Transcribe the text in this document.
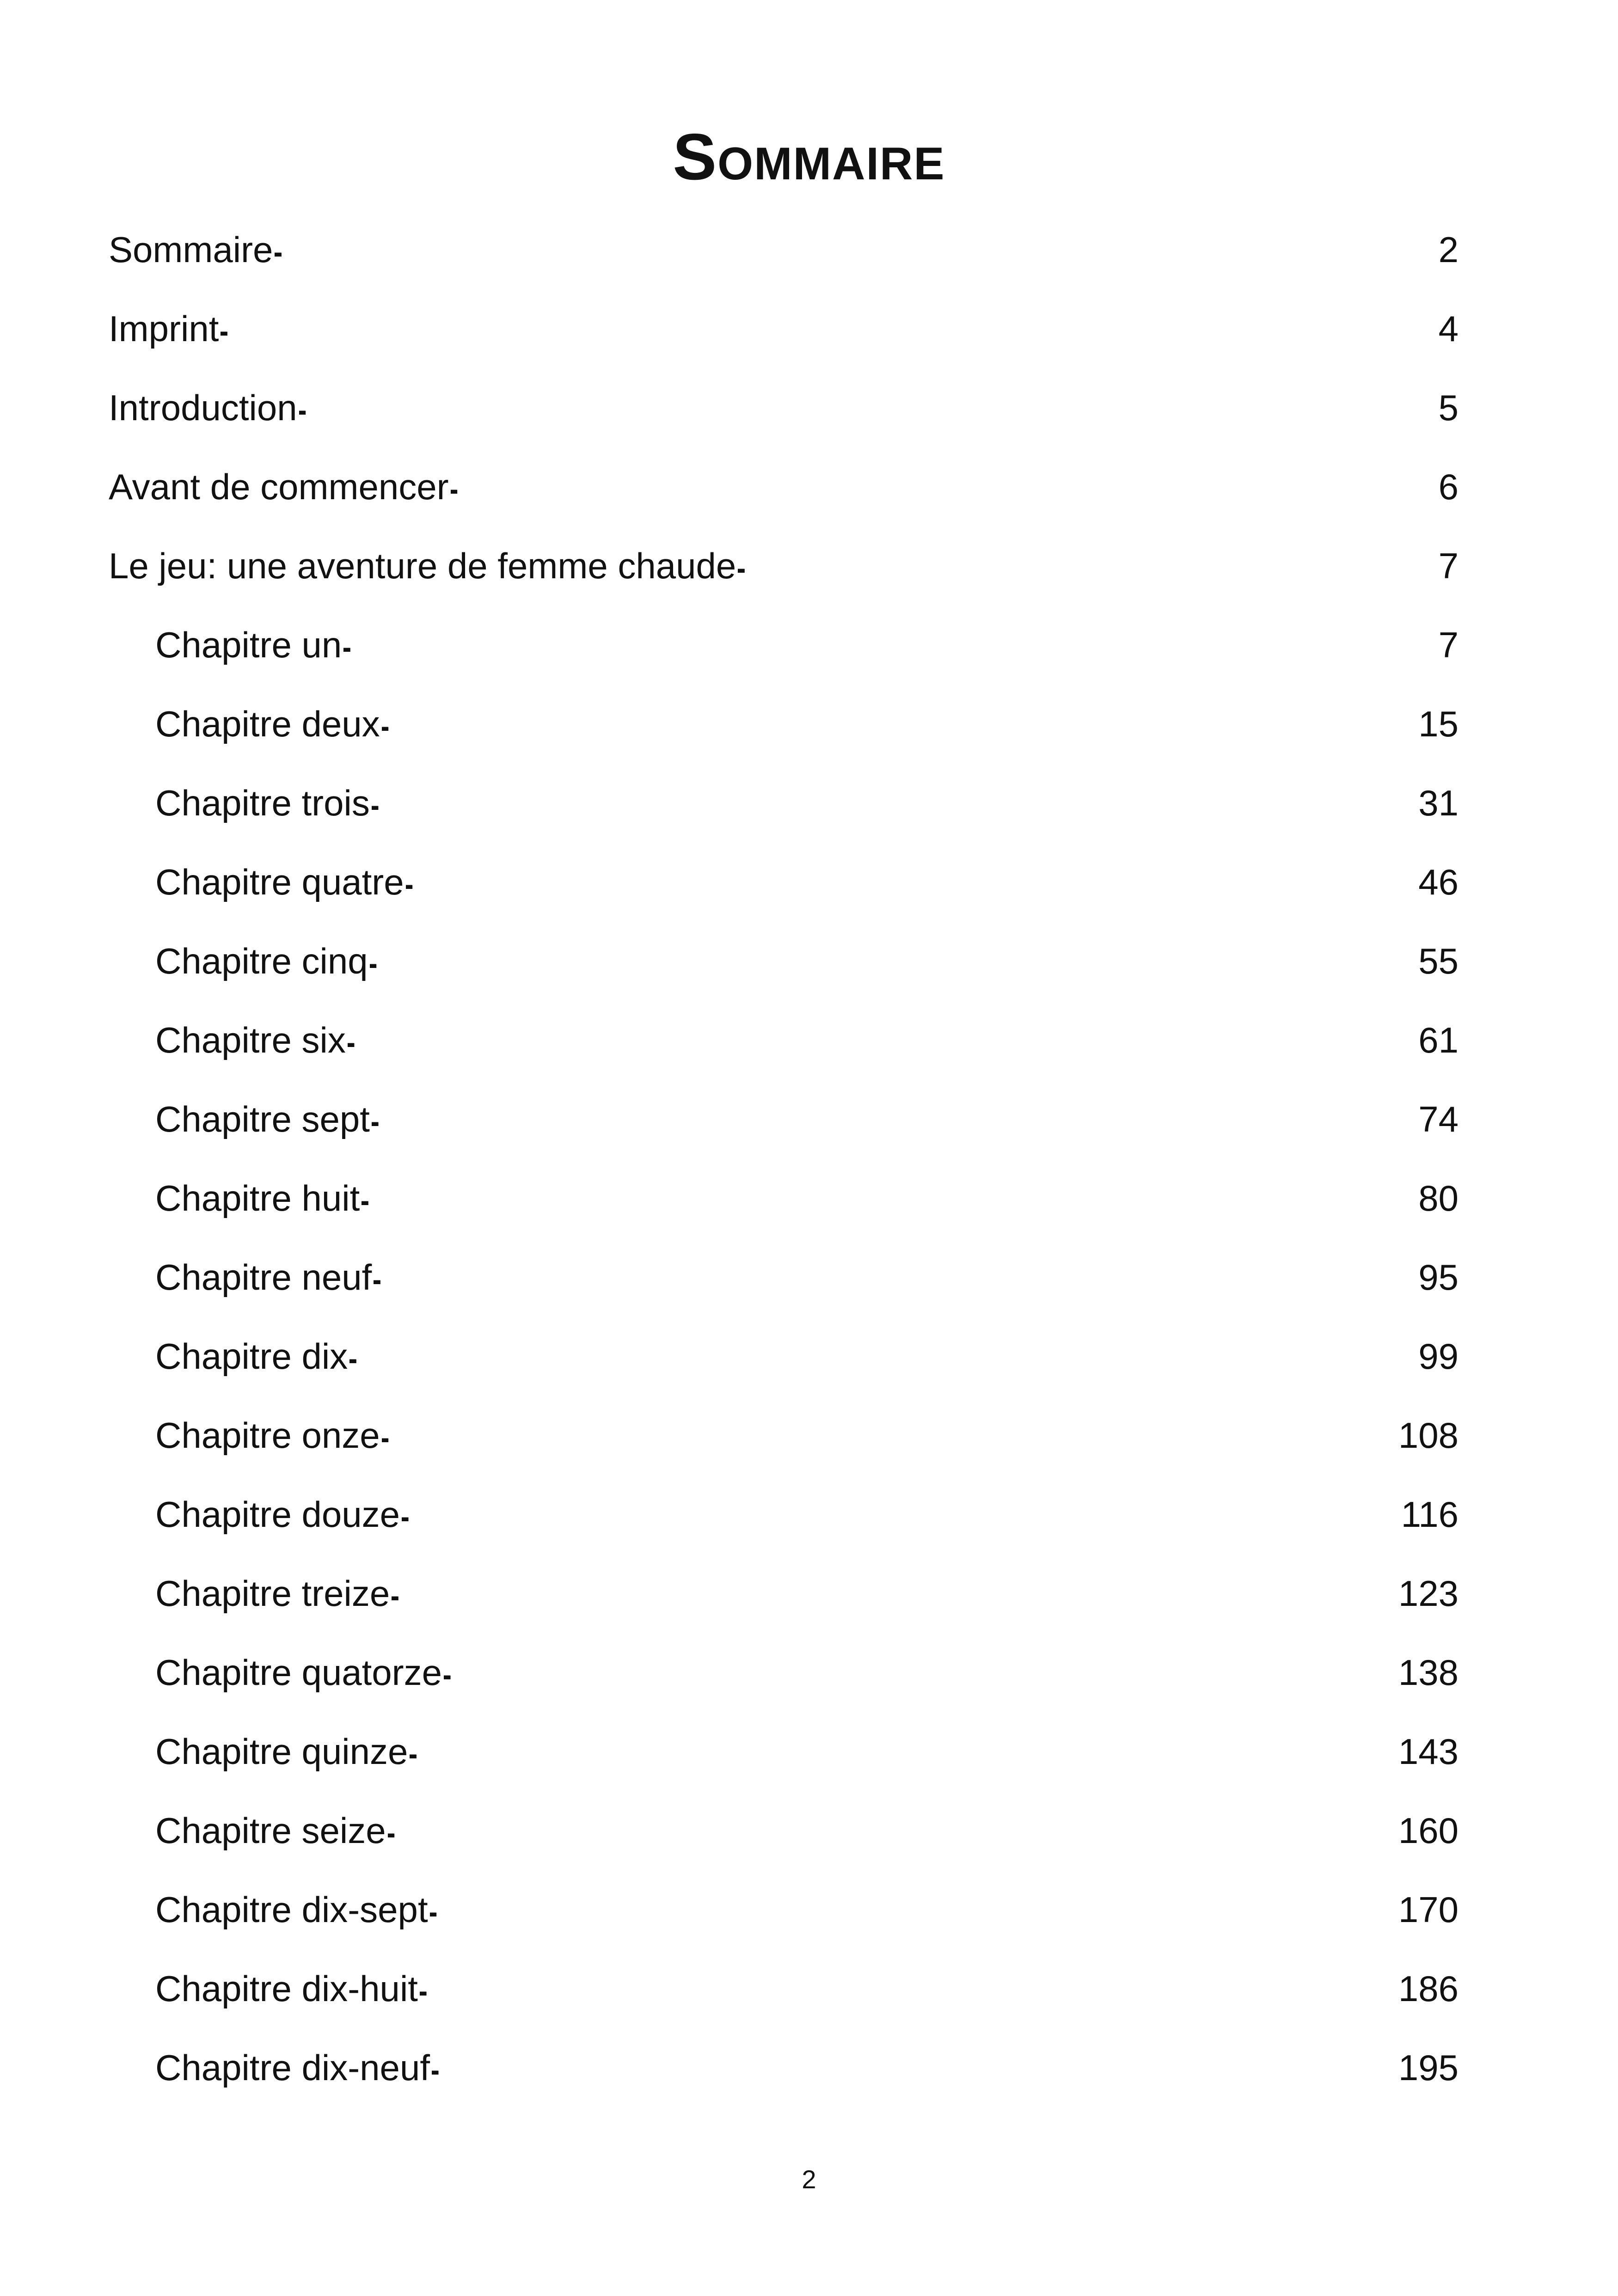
Sommaire
Sommaire . . .	2
Imprint . . .	4
Introduction . . .	5
Avant de commencer . . .	6
Le jeu: une aventure de femme chaude . . .	7
Chapitre un . . .	7
Chapitre deux . . .	15
Chapitre trois . . .	31
Chapitre quatre . . .	46
Chapitre cinq . . .	55
Chapitre six . . .	61
Chapitre sept . . .	74
Chapitre huit . . .	80
Chapitre neuf . . .	95
Chapitre dix . . .	99
Chapitre onze . . .	108
Chapitre douze . . .	116
Chapitre treize . . .	123
Chapitre quatorze . . .	138
Chapitre quinze . . .	143
Chapitre seize . . .	160
Chapitre dix-sept . . .	170
Chapitre dix-huit . . .	186
Chapitre dix-neuf . . .	195
2
